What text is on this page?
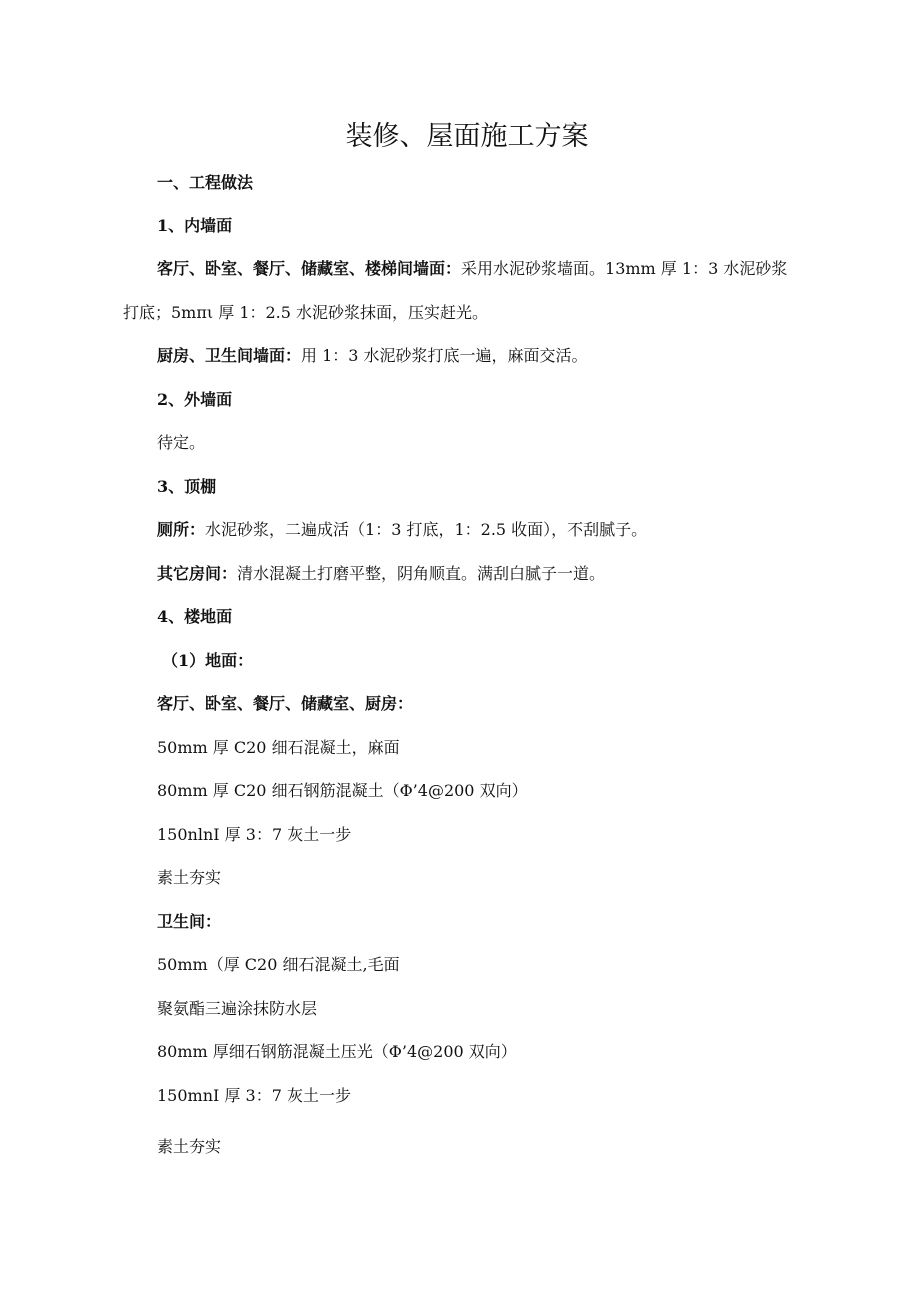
装修、屋面施工方案

一、工程做法

1、内墙面

客厅、卧室、餐厅、储藏室、楼梯间墙面：采用水泥砂浆墙面。13mm 厚 1：3 水泥砂浆

打底；5mπι 厚 1：2.5 水泥砂浆抹面，压实赶光。

厨房、卫生间墙面：用 1：3 水泥砂浆打底一遍，麻面交活。

2、外墙面

待定。

3、顶棚

厕所：水泥砂浆，二遍成活（1：3 打底，1：2.5 收面），不刮腻子。

其它房间：清水混凝土打磨平整，阴角顺直。满刮白腻子一道。

4、楼地面

（1）地面：

客厅、卧室、餐厅、储藏室、厨房：

50mm 厚 C20 细石混凝土，麻面

80mm 厚 C20 细石钢筋混凝土（Φ’4@200 双向）

150nlnI 厚 3：7 灰土一步

素土夯实

卫生间：

50mm（厚 C20 细石混凝土,毛面

聚氨酯三遍涂抹防水层

80mm 厚细石钢筋混凝土压光（Φ’4@200 双向）

150mnI 厚 3：7 灰土一步

素土夯实
